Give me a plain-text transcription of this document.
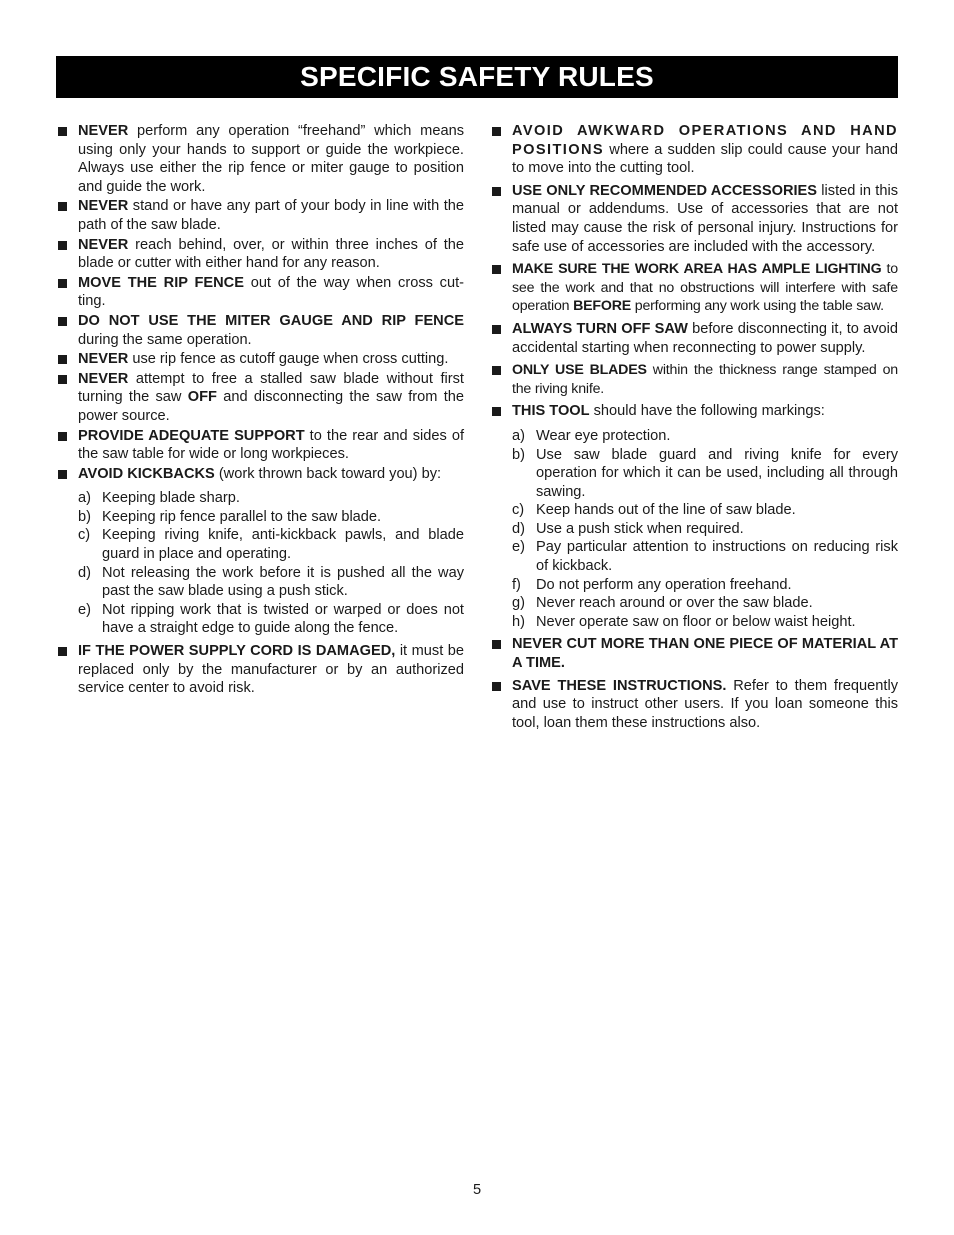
SPECIFIC SAFETY RULES
NEVER perform any operation “freehand” which means using only your hands to support or guide the workpiece. Always use either the rip fence or miter gauge to position and guide the work.
NEVER stand or have any part of your body in line with the path of the saw blade.
NEVER reach behind, over, or within three inches of the blade or cutter with either hand for any reason.
MOVE THE RIP FENCE out of the way when cross cut-ting.
DO NOT USE THE MITER GAUGE AND RIP FENCE during the same operation.
NEVER use rip fence as cutoff gauge when cross cutting.
NEVER attempt to free a stalled saw blade without first turning the saw OFF and disconnecting the saw from the power source.
PROVIDE ADEQUATE SUPPORT to the rear and sides of the saw table for wide or long workpieces.
AVOID KICKBACKS (work thrown back toward you) by:
a) Keeping blade sharp.
b) Keeping rip fence parallel to the saw blade.
c) Keeping riving knife, anti-kickback pawls, and blade guard in place and operating.
d) Not releasing the work before it is pushed all the way past the saw blade using a push stick.
e) Not ripping work that is twisted or warped or does not have a straight edge to guide along the fence.
IF THE POWER SUPPLY CORD IS DAMAGED, it must be replaced only by the manufacturer or by an authorized service center to avoid risk.
AVOID AWKWARD OPERATIONS AND HAND POSITIONS where a sudden slip could cause your hand to move into the cutting tool.
USE ONLY RECOMMENDED ACCESSORIES listed in this manual or addendums. Use of accessories that are not listed may cause the risk of personal injury. Instructions for safe use of accessories are included with the accessory.
MAKE SURE THE WORK AREA HAS AMPLE LIGHTING to see the work and that no obstructions will interfere with safe operation BEFORE performing any work using the table saw.
ALWAYS TURN OFF SAW before disconnecting it, to avoid accidental starting when reconnecting to power supply.
ONLY USE BLADES within the thickness range stamped on the riving knife.
THIS TOOL should have the following markings:
a) Wear eye protection.
b) Use saw blade guard and riving knife for every operation for which it can be used, including all through sawing.
c) Keep hands out of the line of saw blade.
d) Use a push stick when required.
e) Pay particular attention to instructions on reducing risk of kickback.
f) Do not perform any operation freehand.
g) Never reach around or over the saw blade.
h) Never operate saw on floor or below waist height.
NEVER CUT MORE THAN ONE PIECE OF MATERIAL AT A TIME.
SAVE THESE INSTRUCTIONS. Refer to them frequently and use to instruct other users. If you loan someone this tool, loan them these instructions also.
5
